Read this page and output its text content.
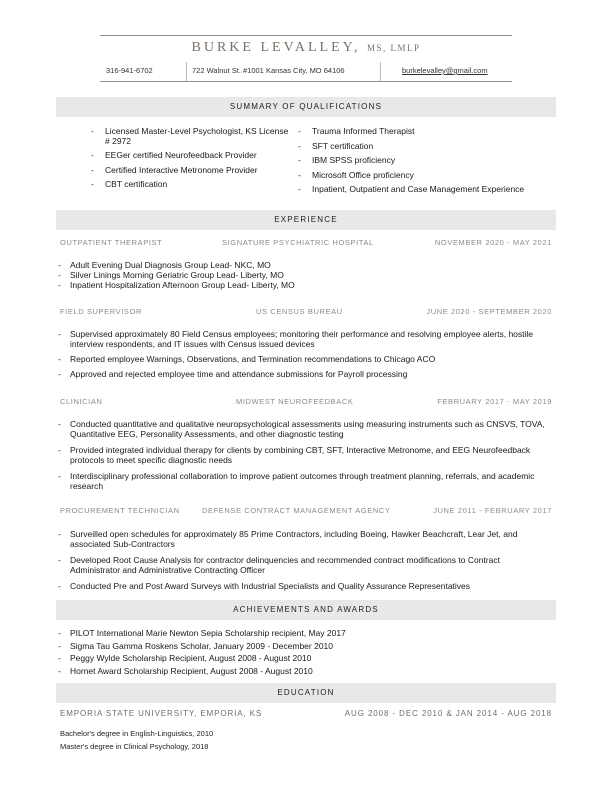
BURKE LEVALLEY, MS, LMLP
316-941-6702	722 Walnut St. #1001 Kansas City, MO 64106	burkelevalley@gmail.com
SUMMARY OF QUALIFICATIONS
- Licensed Master-Level Psychologist, KS License # 2972
- EEGer certified Neurofeedback Provider
- Certified Interactive Metronome Provider
- CBT certification
- Trauma Informed Therapist
- SFT certification
- IBM SPSS proficiency
- Microsoft Office proficiency
- Inpatient, Outpatient and Case Management Experience
EXPERIENCE
OUTPATIENT THERAPIST	SIGNATURE PSYCHIATRIC HOSPITAL	NOVEMBER 2020 - MAY 2021
- Adult Evening Dual Diagnosis Group Lead- NKC, MO
- Silver Linings Morning Geriatric Group Lead- Liberty, MO
- Inpatient Hospitalization Afternoon Group Lead- Liberty, MO
FIELD SUPERVISOR	US CENSUS BUREAU	JUNE 2020 - SEPTEMBER 2020
- Supervised approximately 80 Field Census employees; monitoring their performance and resolving employee alerts, hostile interview respondents, and IT issues with Census issued devices
- Reported employee Warnings, Observations, and Termination recommendations to Chicago ACO
- Approved and rejected employee time and attendance submissions for Payroll processing
CLINICIAN	MIDWEST NEUROFEEDBACK	FEBRUARY 2017 - MAY 2019
- Conducted quantitative and qualitative neuropsychological assessments using measuring instruments such as CNSVS, TOVA, Quantitative EEG, Personality Assessments, and other diagnostic testing
- Provided integrated individual therapy for clients by combining CBT, SFT, Interactive Metronome, and EEG Neurofeedback protocols to meet specific diagnostic needs
- Interdisciplinary professional collaboration to improve patient outcomes through treatment planning, referrals, and academic research
PROCUREMENT TECHNICIAN	DEFENSE CONTRACT MANAGEMENT AGENCY	JUNE 2011 - FEBRUARY 2017
- Surveilled open schedules for approximately 85 Prime Contractors, including Boeing, Hawker Beachcraft, Lear Jet, and associated Sub-Contractors
- Developed Root Cause Analysis for contractor delinquencies and recommended contract modifications to Contract Administrator and Administrative Contracting Officer
- Conducted Pre and Post Award Surveys with Industrial Specialists and Quality Assurance Representatives
ACHIEVEMENTS AND AWARDS
- PILOT International Marie Newton Sepia Scholarship recipient, May 2017
- Sigma Tau Gamma Roskens Scholar, January 2009 - December 2010
- Peggy Wylde Scholarship Recipient, August 2008 - August 2010
- Hornet Award Scholarship Recipient, August 2008 - August 2010
EDUCATION
EMPORIA STATE UNIVERSITY, EMPORIA, KS	AUG 2008 - DEC 2010 & JAN 2014 - AUG 2018
Bachelor's degree in English-Linguistics, 2010
Master's degree in Clinical Psychology, 2018
